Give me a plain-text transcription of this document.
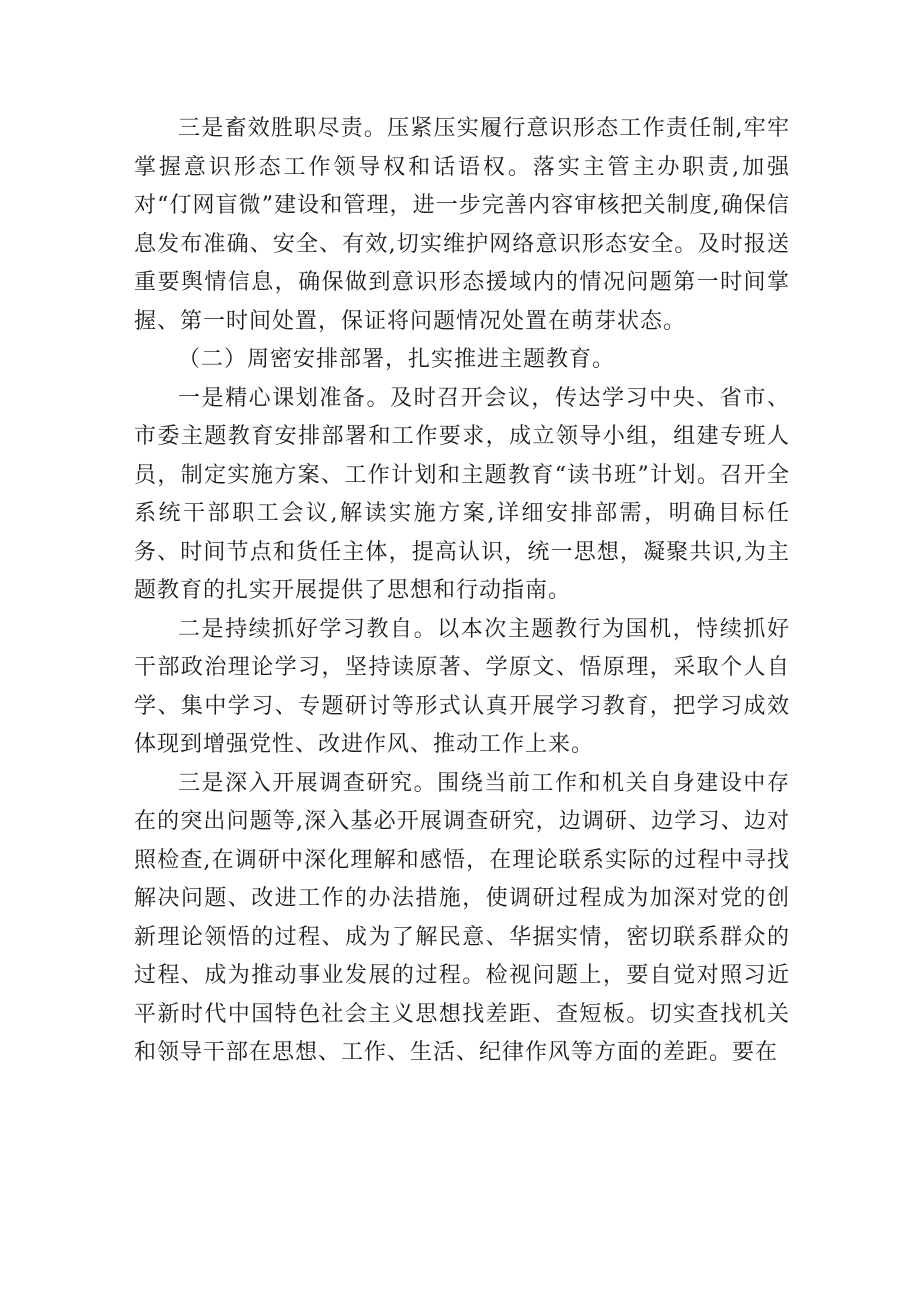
三是畜效胜职尽责。压紧压实履行意识形态工作责任制,牢牢掌握意识形态工作领导权和话语权。落实主管主办职责,加强对“仃网盲微”建设和管理，进一步完善内容审核把关制度,确保信息发布准确、安全、有效,切实维护网络意识形态安全。及时报送重要舆情信息，确保做到意识形态援域内的情况问题第一时间掌握、第一时间处置，保证将问题情况处置在萌芽状态。

（二）周密安排部署，扎实推进主题教育。

一是精心课划准备。及时召开会议，传达学习中央、省市、市委主题教育安排部署和工作要求，成立领导小组，组建专班人员，制定实施方案、工作计划和主题教育“读书班”计划。召开全系统干部职工会议,解读实施方案,详细安排部需，明确目标任务、时间节点和货任主体，提高认识，统一思想，凝聚共识,为主题教育的扎实开展提供了思想和行动指南。

二是持续抓好学习教自。以本次主题教行为国机，恃续抓好干部政治理论学习，坚持读原著、学原文、悟原理，采取个人自学、集中学习、专题研讨等形式认真开展学习教育，把学习成效体现到增强党性、改进作风、推动工作上来。

三是深入开展调查研究。围绕当前工作和机关自身建设中存在的突出问题等,深入基必开展调查研究，边调研、边学习、边对照检查,在调研中深化理解和感悟，在理论联系实际的过程中寻找解决问题、改进工作的办法措施，使调研过程成为加深对党的创新理论领悟的过程、成为了解民意、华据实情，密切联系群众的过程、成为推动事业发展的过程。检视问题上，要自觉对照习近平新时代中国特色社会主义思想找差距、查短板。切实查找机关和领导干部在思想、工作、生活、纪律作风等方面的差距。要在
